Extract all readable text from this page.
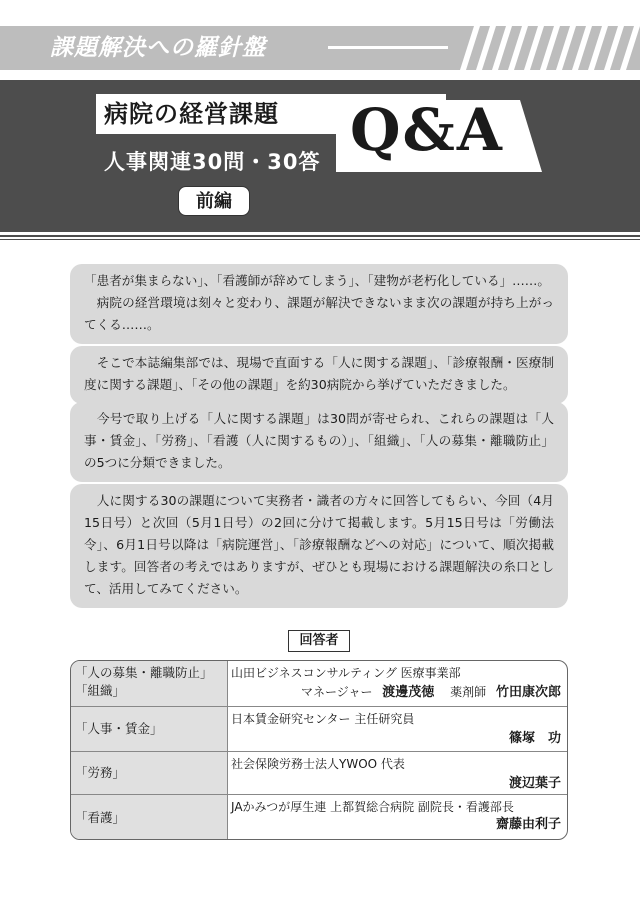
課題解決への羅針盤
病院の経営課題 Q&A
人事関連30問・30答
前編

「患者が集まらない」、「看護師が辞めてしまう」、「建物が老朽化している」……。

　病院の経営環境は刻々と変わり、課題が解決できないまま次の課題が持ち上がってくる……。

　そこで本誌編集部では、現場で直面する「人に関する課題」、「診療報酬・医療制度に関する課題」、「その他の課題」を約30病院から挙げていただきました。

　今号で取り上げる「人に関する課題」は30問が寄せられ、これらの課題は「人事・賃金」、「労務」、「看護（人に関するもの）」、「組織」、「人の募集・離職防止」の5つに分類できました。

　人に関する30の課題について実務者・識者の方々に回答してもらい、今回（4月15日号）と次回（5月1日号）の2回に分けて掲載します。5月15日号は「労働法令」、6月1日号以降は「病院運営」、「診療報酬などへの対応」について、順次掲載します。回答者の考えではありますが、ぜひとも現場における課題解決の糸口として、活用してみてください。

回答者
「人の募集・離職防止」
「組織」
山田ビジネスコンサルティング 医療事業部
マネージャー 渡邊茂徳 薬剤師 竹田康次郎
「人事・賃金」
日本賃金研究センター 主任研究員
篠塚　功
「労務」
社会保険労務士法人YWOO 代表
渡辺葉子
「看護」
JAかみつが厚生連 上都賀総合病院 副院長・看護部長
齋藤由利子
